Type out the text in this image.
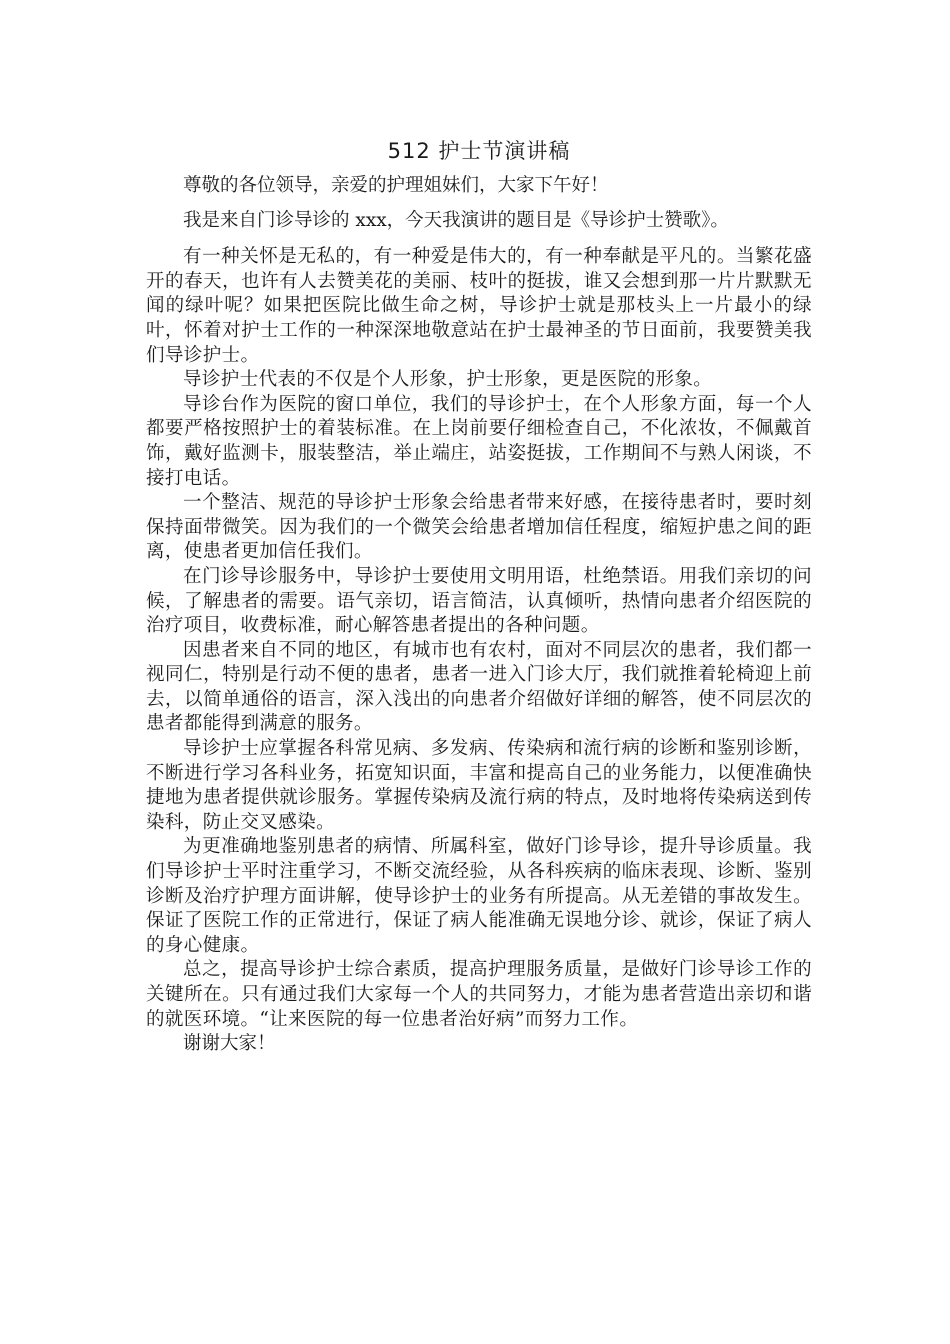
512 护士节演讲稿

尊敬的各位领导，亲爱的护理姐妹们，大家下午好！

我是来自门诊导诊的 xxx，今天我演讲的题目是《导诊护士赞歌》。

有一种关怀是无私的，有一种爱是伟大的，有一种奉献是平凡的。当繁花盛开的春天，也许有人去赞美花的美丽、枝叶的挺拔，谁又会想到那一片片默默无闻的绿叶呢？如果把医院比做生命之树，导诊护士就是那枝头上一片最小的绿叶，怀着对护士工作的一种深深地敬意站在护士最神圣的节日面前，我要赞美我们导诊护士。

导诊护士代表的不仅是个人形象，护士形象，更是医院的形象。

导诊台作为医院的窗口单位，我们的导诊护士，在个人形象方面，每一个人都要严格按照护士的着装标准。在上岗前要仔细检查自己，不化浓妆，不佩戴首饰，戴好监测卡，服装整洁，举止端庄，站姿挺拔，工作期间不与熟人闲谈，不接打电话。

一个整洁、规范的导诊护士形象会给患者带来好感，在接待患者时，要时刻保持面带微笑。因为我们的一个微笑会给患者增加信任程度，缩短护患之间的距离，使患者更加信任我们。

在门诊导诊服务中，导诊护士要使用文明用语，杜绝禁语。用我们亲切的问候，了解患者的需要。语气亲切，语言简洁，认真倾听，热情向患者介绍医院的治疗项目，收费标准，耐心解答患者提出的各种问题。

因患者来自不同的地区，有城市也有农村，面对不同层次的患者，我们都一视同仁，特别是行动不便的患者，患者一进入门诊大厅，我们就推着轮椅迎上前去，以简单通俗的语言，深入浅出的向患者介绍做好详细的解答，使不同层次的患者都能得到满意的服务。

导诊护士应掌握各科常见病、多发病、传染病和流行病的诊断和鉴别诊断，不断进行学习各科业务，拓宽知识面，丰富和提高自己的业务能力，以便准确快捷地为患者提供就诊服务。掌握传染病及流行病的特点，及时地将传染病送到传染科，防止交叉感染。

为更准确地鉴别患者的病情、所属科室，做好门诊导诊，提升导诊质量。我们导诊护士平时注重学习，不断交流经验，从各科疾病的临床表现、诊断、鉴别诊断及治疗护理方面讲解，使导诊护士的业务有所提高。从无差错的事故发生。保证了医院工作的正常进行，保证了病人能准确无误地分诊、就诊，保证了病人的身心健康。

总之，提高导诊护士综合素质，提高护理服务质量，是做好门诊导诊工作的关键所在。只有通过我们大家每一个人的共同努力，才能为患者营造出亲切和谐的就医环境。“让来医院的每一位患者治好病”而努力工作。

谢谢大家！
